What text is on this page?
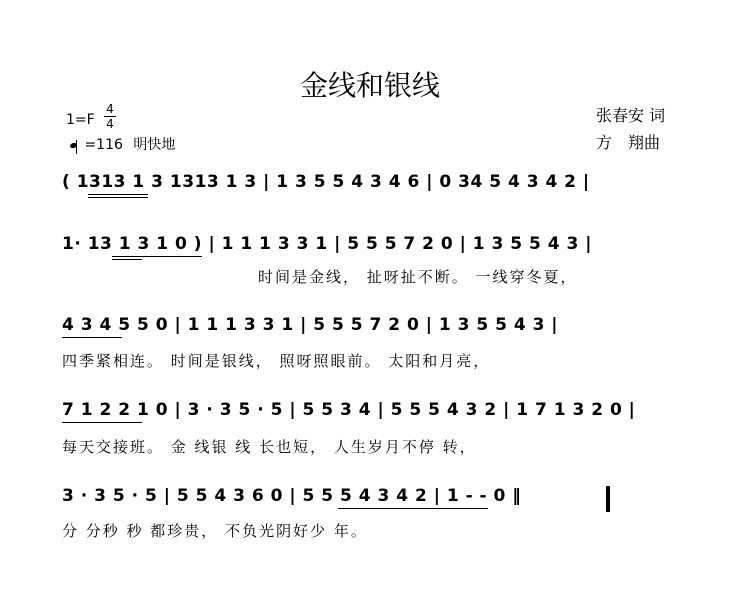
金线和银线
1=F
4
4
=116 明快地
张春安 词
方　翔曲
( 1313 1 3 1313 1 3 | 1 3 5 5 4 3 4 6 | 0 34 5 4 3 4 2 |
1· 13 1 3 1 0 ) | 1 1 1 3 3 1 | 5 5 5 7 2 0 | 1 3 5 5 4 3 |
时间是金线， 扯呀扯不断。 一线穿冬夏，
4 3 4 5 5 0 | 1 1 1 3 3 1 | 5 5 5 7 2 0 | 1 3 5 5 4 3 |
四季紧相连。 时间是银线， 照呀照眼前。 太阳和月亮，
7 1 2 2 1 0 | 3 · 3 5 · 5 | 5 5 3 4 | 5 5 5 4 3 2 | 1 7 1 3 2 0 |
每天交接班。 金 线银 线 长也短， 人生岁月不停 转，
3 · 3 5 · 5 | 5 5 4 3 6 0 | 5 5 5 4 3 4 2 | 1 - - 0 ‖
分 分秒 秒 都珍贵， 不负光阴好少 年。
